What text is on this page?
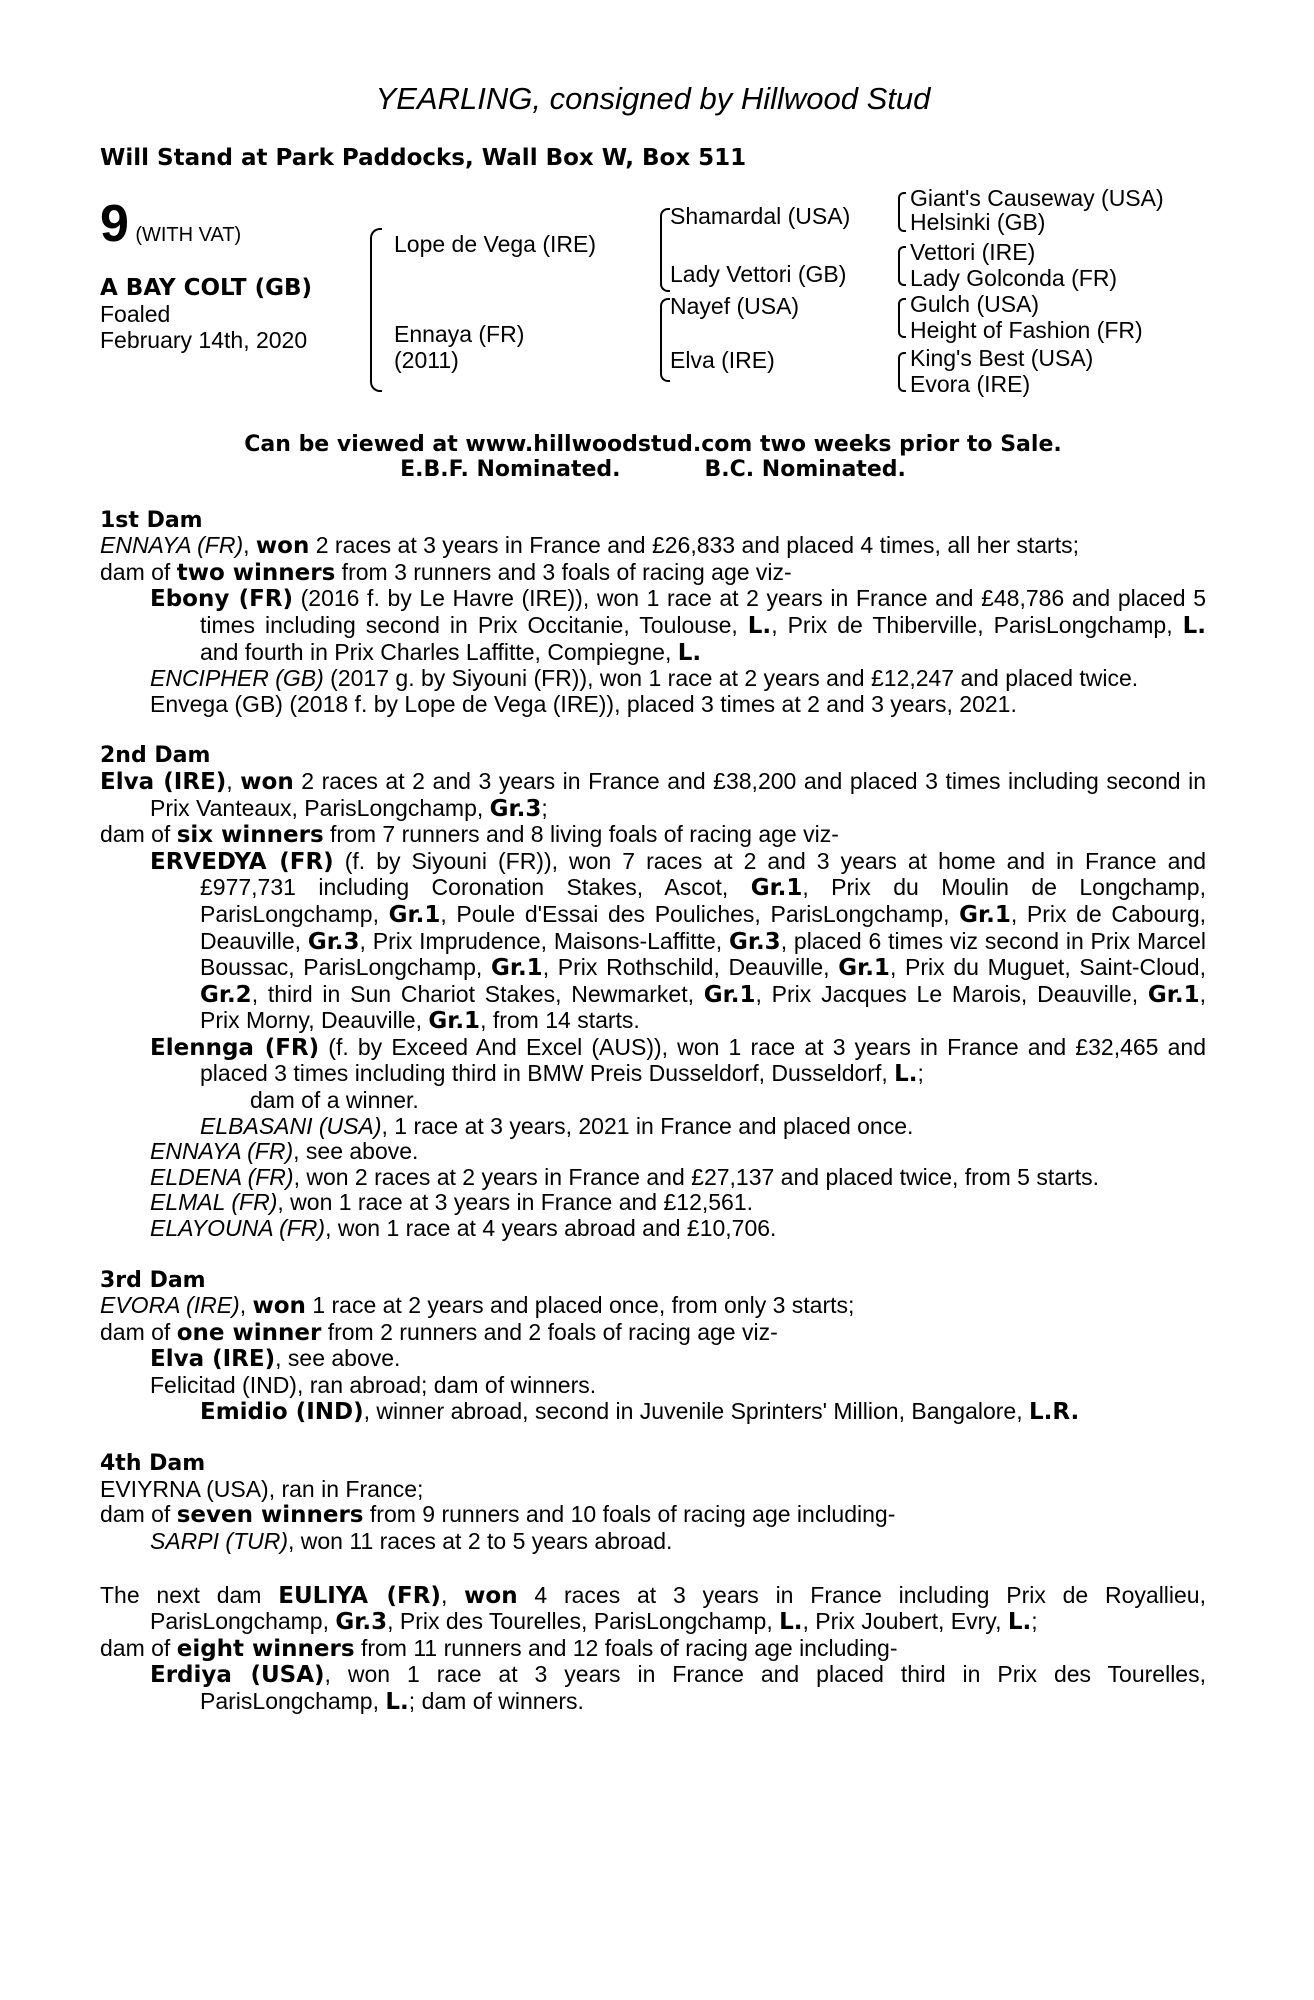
YEARLING, consigned by Hillwood Stud
Will Stand at Park Paddocks, Wall Box W, Box 511
9 (WITH VAT)
A BAY COLT (GB)
Foaled
February 14th, 2020
Lope de Vega (IRE)
Ennaya (FR)
(2011)
Shamardal (USA)
Lady Vettori (GB)
Nayef (USA)
Elva (IRE)
Giant's Causeway (USA)
Helsinki (GB)
Vettori (IRE)
Lady Golconda (FR)
Gulch (USA)
Height of Fashion (FR)
King's Best (USA)
Evora (IRE)
Can be viewed at www.hillwoodstud.com two weeks prior to Sale.
E.B.F. Nominated.	B.C. Nominated.
1st Dam

ENNAYA (FR), won 2 races at 3 years in France and £26,833 and placed 4 times, all her starts;

dam of two winners from 3 runners and 3 foals of racing age viz-

Ebony (FR) (2016 f. by Le Havre (IRE)), won 1 race at 2 years in France and £48,786 and placed 5 times including second in Prix Occitanie, Toulouse, L., Prix de Thiberville, ParisLongchamp, L. and fourth in Prix Charles Laffitte, Compiegne, L.

ENCIPHER (GB) (2017 g. by Siyouni (FR)), won 1 race at 2 years and £12,247 and placed twice.

Envega (GB) (2018 f. by Lope de Vega (IRE)), placed 3 times at 2 and 3 years, 2021.

2nd Dam

Elva (IRE), won 2 races at 2 and 3 years in France and £38,200 and placed 3 times including second in Prix Vanteaux, ParisLongchamp, Gr.3;

dam of six winners from 7 runners and 8 living foals of racing age viz-

ERVEDYA (FR) (f. by Siyouni (FR)), won 7 races at 2 and 3 years at home and in France and £977,731 including Coronation Stakes, Ascot, Gr.1, Prix du Moulin de Longchamp, ParisLongchamp, Gr.1, Poule d'Essai des Pouliches, ParisLongchamp, Gr.1, Prix de Cabourg, Deauville, Gr.3, Prix Imprudence, Maisons-Laffitte, Gr.3, placed 6 times viz second in Prix Marcel Boussac, ParisLongchamp, Gr.1, Prix Rothschild, Deauville, Gr.1, Prix du Muguet, Saint-Cloud, Gr.2, third in Sun Chariot Stakes, Newmarket, Gr.1, Prix Jacques Le Marois, Deauville, Gr.1, Prix Morny, Deauville, Gr.1, from 14 starts.

Elennga (FR) (f. by Exceed And Excel (AUS)), won 1 race at 3 years in France and £32,465 and placed 3 times including third in BMW Preis Dusseldorf, Dusseldorf, L.;

dam of a winner.

ELBASANI (USA), 1 race at 3 years, 2021 in France and placed once.

ENNAYA (FR), see above.

ELDENA (FR), won 2 races at 2 years in France and £27,137 and placed twice, from 5 starts.

ELMAL (FR), won 1 race at 3 years in France and £12,561.

ELAYOUNA (FR), won 1 race at 4 years abroad and £10,706.

3rd Dam

EVORA (IRE), won 1 race at 2 years and placed once, from only 3 starts;

dam of one winner from 2 runners and 2 foals of racing age viz-

Elva (IRE), see above.

Felicitad (IND), ran abroad; dam of winners.

Emidio (IND), winner abroad, second in Juvenile Sprinters' Million, Bangalore, L.R.

4th Dam

EVIYRNA (USA), ran in France;

dam of seven winners from 9 runners and 10 foals of racing age including-

SARPI (TUR), won 11 races at 2 to 5 years abroad.

The next dam EULIYA (FR), won 4 races at 3 years in France including Prix de Royallieu, ParisLongchamp, Gr.3, Prix des Tourelles, ParisLongchamp, L., Prix Joubert, Evry, L.;

dam of eight winners from 11 runners and 12 foals of racing age including-

Erdiya (USA), won 1 race at 3 years in France and placed third in Prix des Tourelles, ParisLongchamp, L.; dam of winners.
